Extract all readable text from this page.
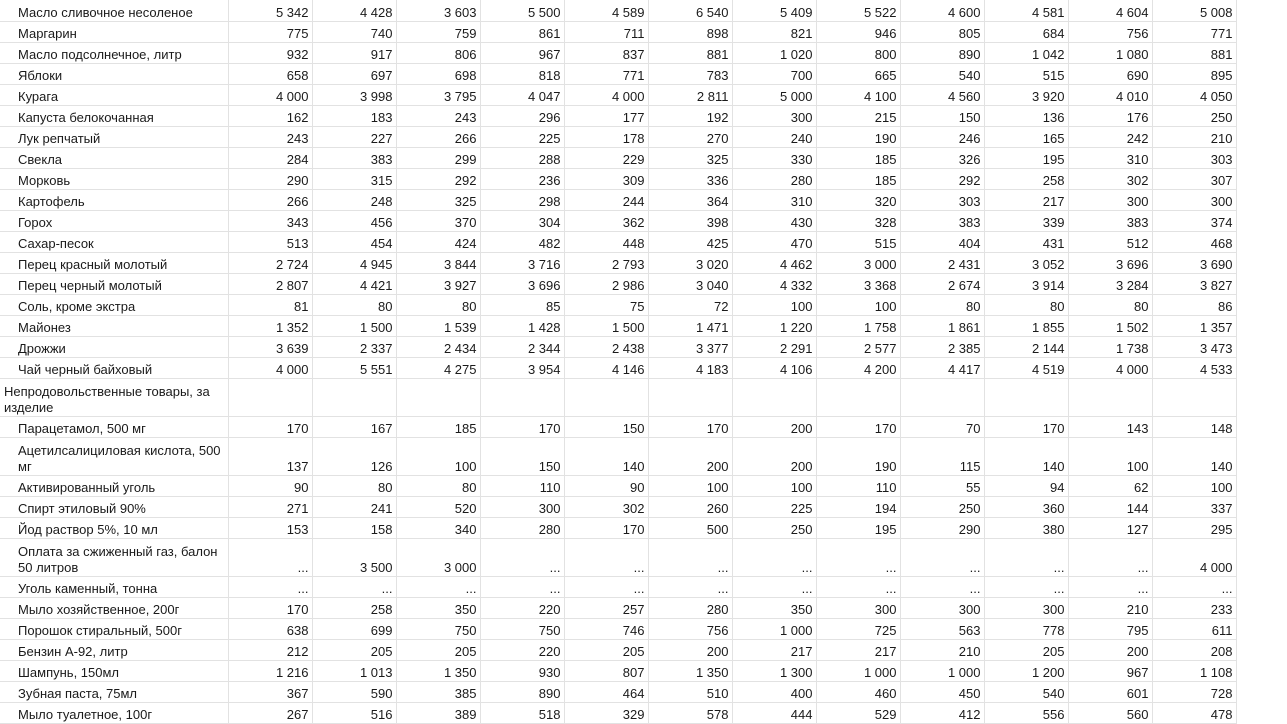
Масло сливочное несоленое	5 342	4 428	3 603	5 500	4 589	6 540	5 409	5 522	4 600	4 581	4 604	5 008
Маргарин	775	740	759	861	711	898	821	946	805	684	756	771
Масло подсолнечное, литр	932	917	806	967	837	881	1 020	800	890	1 042	1 080	881
Яблоки	658	697	698	818	771	783	700	665	540	515	690	895
Курага	4 000	3 998	3 795	4 047	4 000	2 811	5 000	4 100	4 560	3 920	4 010	4 050
Капуста белокочанная	162	183	243	296	177	192	300	215	150	136	176	250
Лук репчатый	243	227	266	225	178	270	240	190	246	165	242	210
Свекла	284	383	299	288	229	325	330	185	326	195	310	303
Морковь	290	315	292	236	309	336	280	185	292	258	302	307
Картофель	266	248	325	298	244	364	310	320	303	217	300	300
Горох	343	456	370	304	362	398	430	328	383	339	383	374
Сахар-песок	513	454	424	482	448	425	470	515	404	431	512	468
Перец красный молотый	2 724	4 945	3 844	3 716	2 793	3 020	4 462	3 000	2 431	3 052	3 696	3 690
Перец черный молотый	2 807	4 421	3 927	3 696	2 986	3 040	4 332	3 368	2 674	3 914	3 284	3 827
Соль, кроме экстра	81	80	80	85	75	72	100	100	80	80	80	86
Майонез	1 352	1 500	1 539	1 428	1 500	1 471	1 220	1 758	1 861	1 855	1 502	1 357
Дрожжи	3 639	2 337	2 434	2 344	2 438	3 377	2 291	2 577	2 385	2 144	1 738	3 473
Чай черный байховый	4 000	5 551	4 275	3 954	4 146	4 183	4 106	4 200	4 417	4 519	4 000	4 533
Непродовольственные товары, за изделие												
Парацетамол, 500 мг	170	167	185	170	150	170	200	170	70	170	143	148
Ацетилсалициловая кислота, 500 мг	137	126	100	150	140	200	200	190	115	140	100	140
Активированный уголь	90	80	80	110	90	100	100	110	55	94	62	100
Спирт этиловый 90%	271	241	520	300	302	260	225	194	250	360	144	337
Йод раствор 5%, 10 мл	153	158	340	280	170	500	250	195	290	380	127	295
Оплата за сжиженный газ, балон 50 литров	...	3 500	3 000	...	...	...	...	...	...	...	...	4 000
Уголь каменный, тонна	...	...	...	...	...	...	...	...	...	...	...	...
Мыло хозяйственное, 200г	170	258	350	220	257	280	350	300	300	300	210	233
Порошок стиральный, 500г	638	699	750	750	746	756	1 000	725	563	778	795	611
Бензин А-92, литр	212	205	205	220	205	200	217	217	210	205	200	208
Шампунь, 150мл	1 216	1 013	1 350	930	807	1 350	1 300	1 000	1 000	1 200	967	1 108
Зубная паста, 75мл	367	590	385	890	464	510	400	460	450	540	601	728
Мыло туалетное, 100г	267	516	389	518	329	578	444	529	412	556	560	478
